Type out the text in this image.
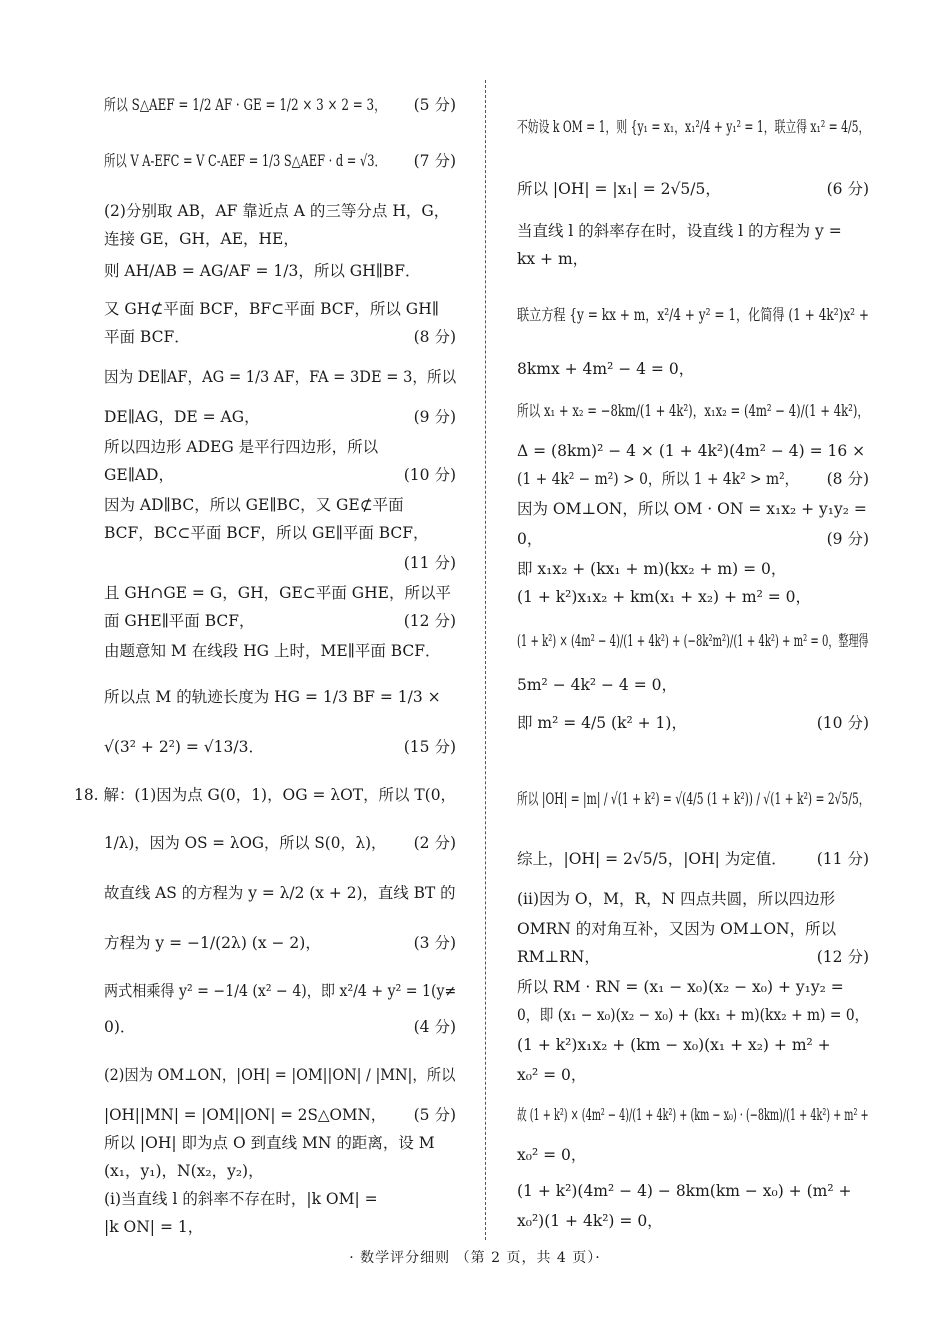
所以 S△AEF = 1/2 AF · GE = 1/2 × 3 × 2 = 3， (5 分)
所以 V A-EFC = V C-AEF = 1/3 S△AEF · d = √3． (7 分)
(2)分别取 AB，AF 靠近点 A 的三等分点 H，G，
连接 GE，GH，AE，HE，
则 AH/AB = AG/AF = 1/3，所以 GH∥BF．
又 GH⊄平面 BCF，BF⊂平面 BCF，所以 GH∥
平面 BCF．	(8 分)
因为 DE∥AF，AG = 1/3 AF，FA = 3DE = 3，所以
DE∥AG，DE = AG，	(9 分)
所以四边形 ADEG 是平行四边形，所以
GE∥AD，	(10 分)
因为 AD∥BC，所以 GE∥BC，又 GE⊄平面
BCF，BC⊂平面 BCF，所以 GE∥平面 BCF，
(11 分)
且 GH∩GE = G，GH，GE⊂平面 GHE，所以平
面 GHE∥平面 BCF，	(12 分)
由题意知 M 在线段 HG 上时，ME∥平面 BCF．
所以点 M 的轨迹长度为 HG = 1/3 BF = 1/3 ×
√(3² + 2²) = √13/3．	(15 分)
18. 解：(1)因为点 G(0，1)，OG = λOT，所以 T(0，
1/λ)，因为 OS = λOG，所以 S(0，λ)， (2 分)
故直线 AS 的方程为 y = λ/2 (x + 2)，直线 BT 的
方程为 y = −1/(2λ) (x − 2)，	(3 分)
两式相乘得 y² = −1/4 (x² − 4)，即 x²/4 + y² = 1(y≠
0)．	(4 分)
(2)因为 OM⊥ON，|OH| = |OM||ON| / |MN|，所以
|OH||MN| = |OM||ON| = 2S△OMN， (5 分)
所以 |OH| 即为点 O 到直线 MN 的距离，设 M
(x₁，y₁)，N(x₂，y₂)，
(ⅰ)当直线 l 的斜率不存在时，|k OM| =
|k ON| = 1，
不妨设 k OM = 1，则 {y₁ = x₁，x₁²/4 + y₁² = 1，联立得 x₁² = 4/5，
所以 |OH| = |x₁| = 2√5/5，	(6 分)
当直线 l 的斜率存在时，设直线 l 的方程为 y =
kx + m，
联立方程 {y = kx + m，x²/4 + y² = 1，化简得 (1 + 4k²)x² +
8kmx + 4m² − 4 = 0，
所以 x₁ + x₂ = −8km/(1 + 4k²)，x₁x₂ = (4m² − 4)/(1 + 4k²)，
Δ = (8km)² − 4 × (1 + 4k²)(4m² − 4) = 16 ×
(1 + 4k² − m²) > 0，所以 1 + 4k² > m²， (8 分)
因为 OM⊥ON，所以 OM · ON = x₁x₂ + y₁y₂ =
0，	(9 分)
即 x₁x₂ + (kx₁ + m)(kx₂ + m) = 0，
(1 + k²)x₁x₂ + km(x₁ + x₂) + m² = 0，
(1 + k²) × (4m² − 4)/(1 + 4k²) + (−8k²m²)/(1 + 4k²) + m² = 0，整理得
5m² − 4k² − 4 = 0，
即 m² = 4/5 (k² + 1)，	(10 分)
所以 |OH| = |m| / √(1 + k²) = √(4/5 (1 + k²)) / √(1 + k²) = 2√5/5，
综上，|OH| = 2√5/5，|OH| 为定值． (11 分)
(ⅱ)因为 O，M，R，N 四点共圆，所以四边形
OMRN 的对角互补，又因为 OM⊥ON，所以
RM⊥RN，	(12 分)
所以 RM · RN = (x₁ − x₀)(x₂ − x₀) + y₁y₂ =
0，即 (x₁ − x₀)(x₂ − x₀) + (kx₁ + m)(kx₂ + m) = 0，
(1 + k²)x₁x₂ + (km − x₀)(x₁ + x₂) + m² +
x₀² = 0，
故 (1 + k²) × (4m² − 4)/(1 + 4k²) + (km − x₀) · (−8km)/(1 + 4k²) + m² +
x₀² = 0，
(1 + k²)(4m² − 4) − 8km(km − x₀) + (m² +
x₀²)(1 + 4k²) = 0，
· 数学评分细则 （第 2 页，共 4 页）·
